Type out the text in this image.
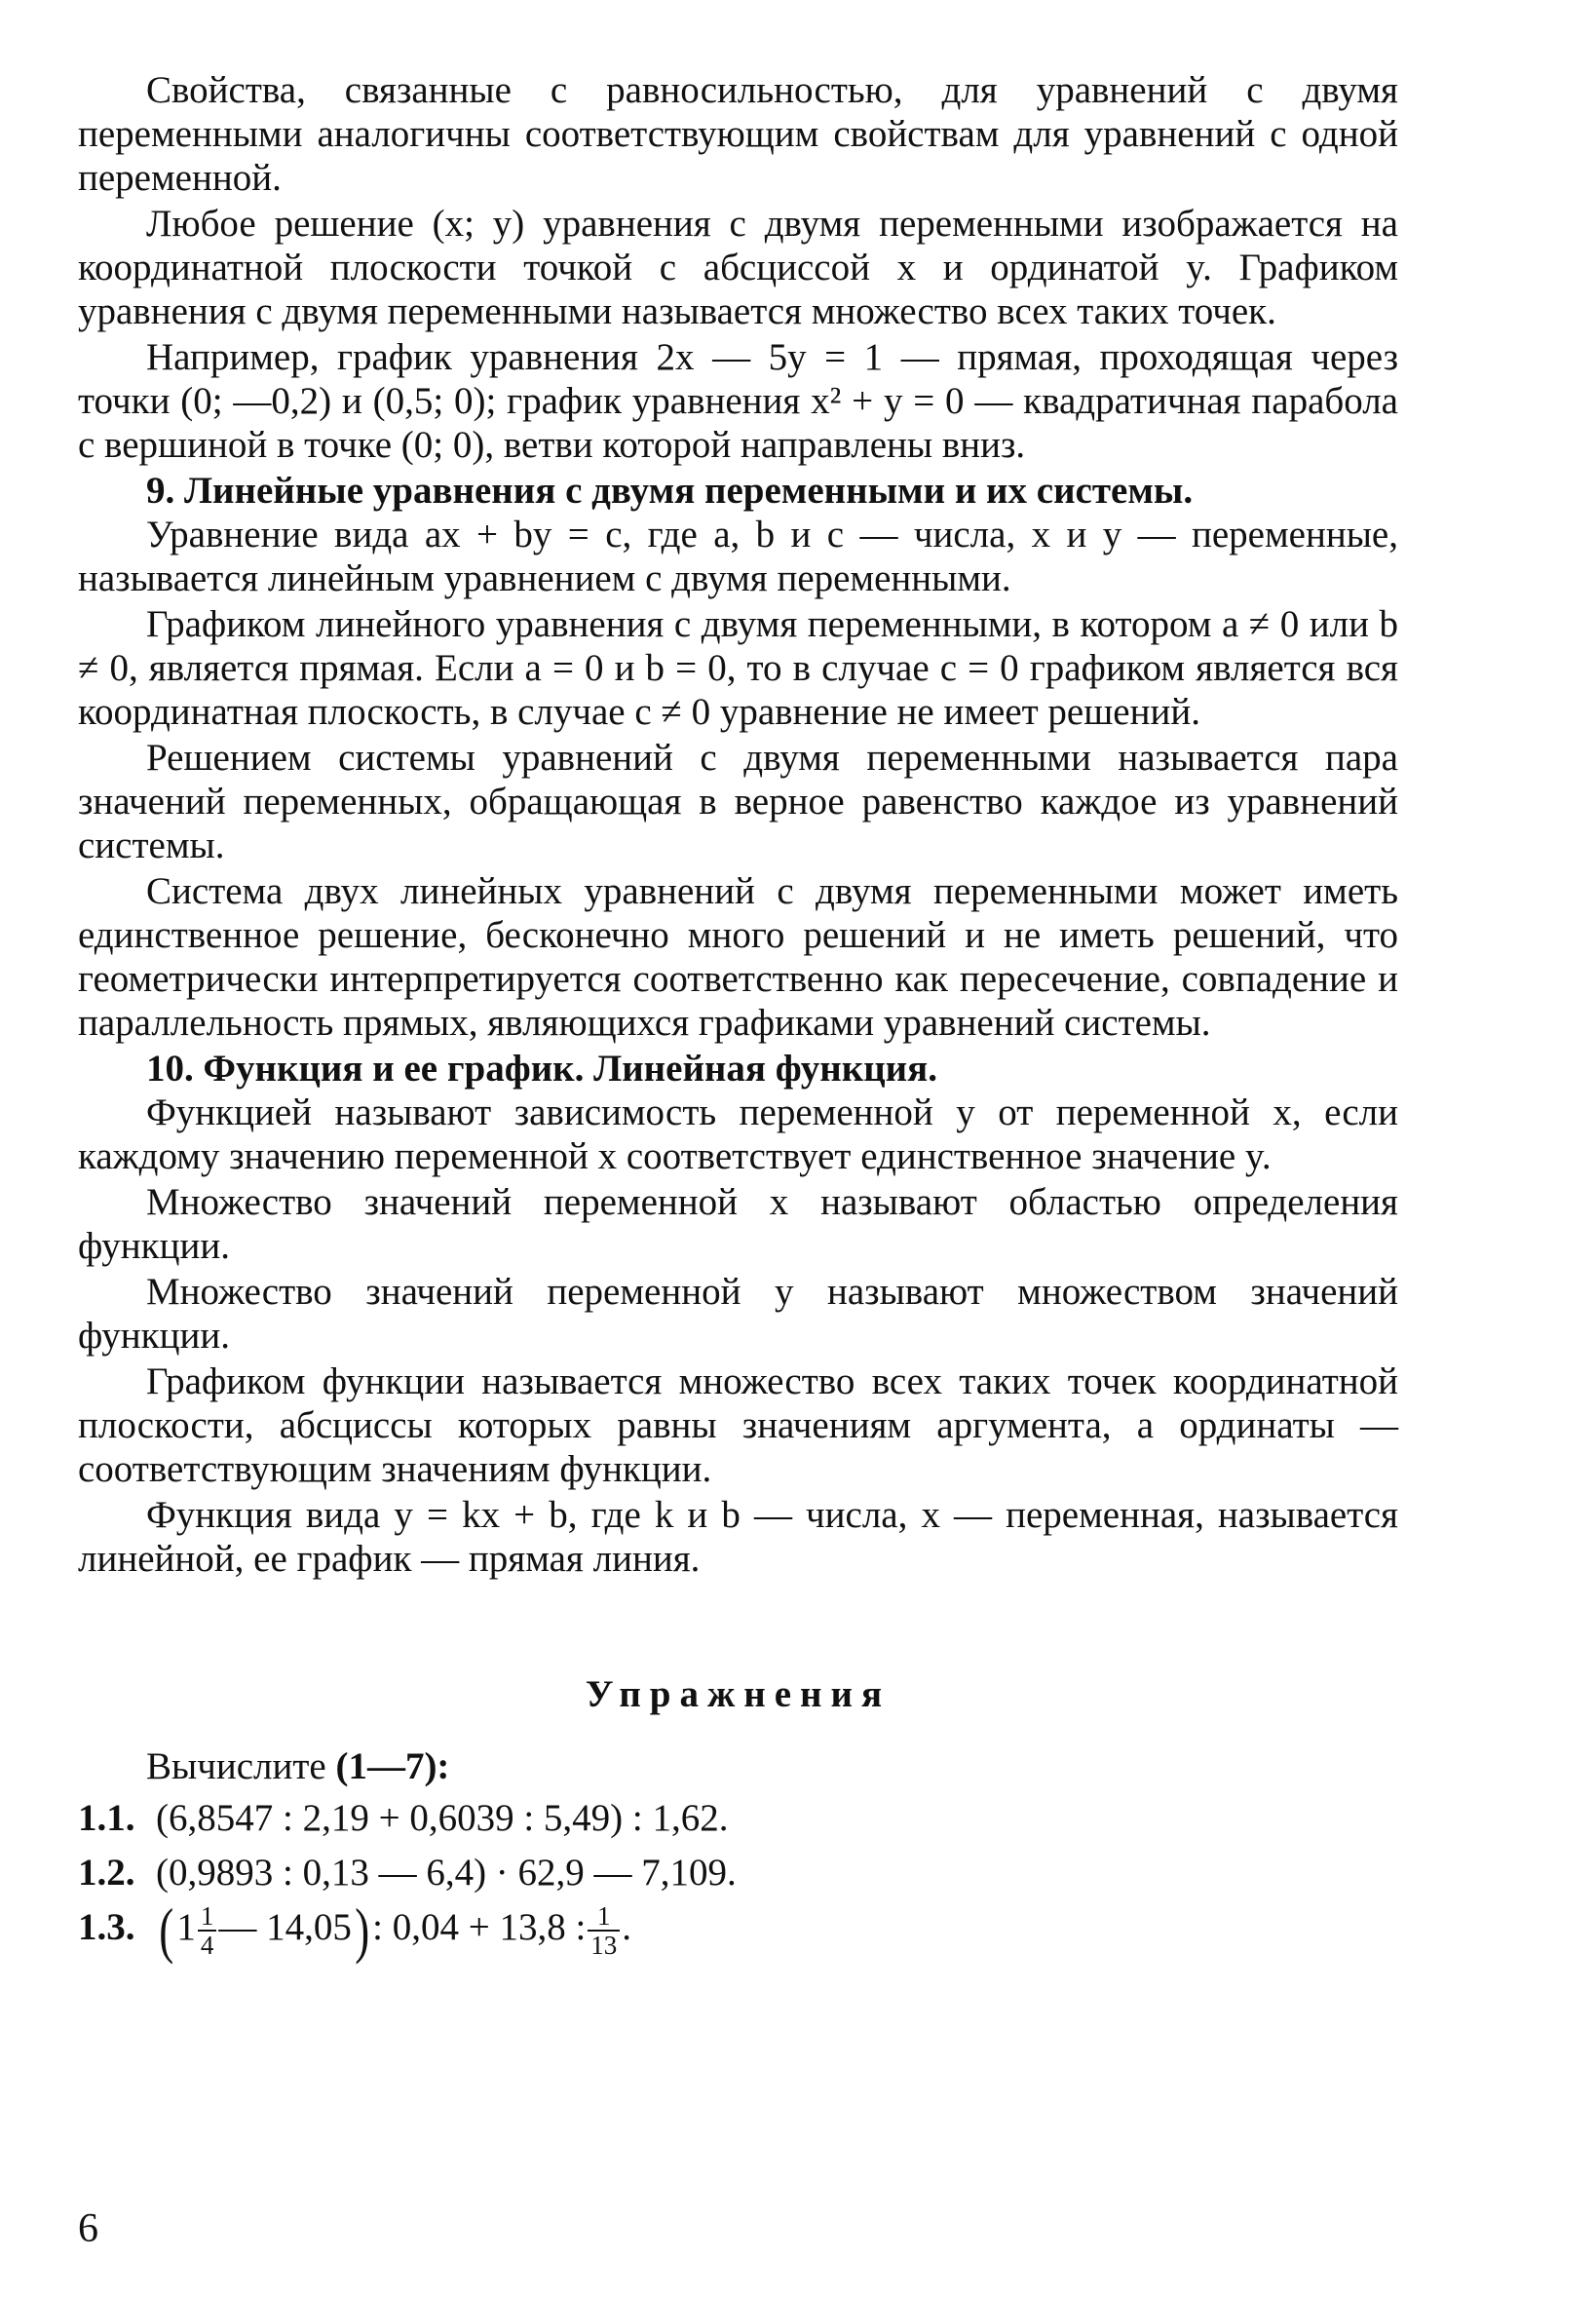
Свойства, связанные с равносильностью, для уравнений с двумя переменными аналогичны соответствующим свойствам для уравнений с одной переменной.

Любое решение (x; y) уравнения с двумя переменными изображается на координатной плоскости точкой с абсциссой x и ординатой y. Графиком уравнения с двумя переменными называется множество всех таких точек.

Например, график уравнения 2x — 5y = 1 — прямая, проходящая через точки (0; —0,2) и (0,5; 0); график уравнения x² + y = 0 — квадратичная парабола с вершиной в точке (0; 0), ветви которой направлены вниз.

9. Линейные уравнения с двумя переменными и их системы.

Уравнение вида ax + by = c, где a, b и c — числа, x и y — переменные, называется линейным уравнением с двумя переменными.

Графиком линейного уравнения с двумя переменными, в котором a ≠ 0 или b ≠ 0, является прямая. Если a = 0 и b = 0, то в случае c = 0 графиком является вся координатная плоскость, в случае c ≠ 0 уравнение не имеет решений.

Решением системы уравнений с двумя переменными называется пара значений переменных, обращающая в верное равенство каждое из уравнений системы.

Система двух линейных уравнений с двумя переменными может иметь единственное решение, бесконечно много решений и не иметь решений, что геометрически интерпретируется соответственно как пересечение, совпадение и параллельность прямых, являющихся графиками уравнений системы.

10. Функция и ее график. Линейная функция.

Функцией называют зависимость переменной y от переменной x, если каждому значению переменной x соответствует единственное значение y.

Множество значений переменной x называют областью определения функции.

Множество значений переменной y называют множеством значений функции.

Графиком функции называется множество всех таких точек координатной плоскости, абсциссы которых равны значениям аргумента, а ординаты — соответствующим значениям функции.

Функция вида y = kx + b, где k и b — числа, x — переменная, называется линейной, ее график — прямая линия.

Упражнения
Вычислите (1—7):
1.1. (6,8547 : 2,19 + 0,6039 : 5,49) : 1,62.
1.2. (0,9893 : 0,13 — 6,4) · 62,9 — 7,109.
1.3. ($1 \frac{1}{4}$ — 14,05): 0,04 + 13,8 : $\frac{1}{13}$ .
6
